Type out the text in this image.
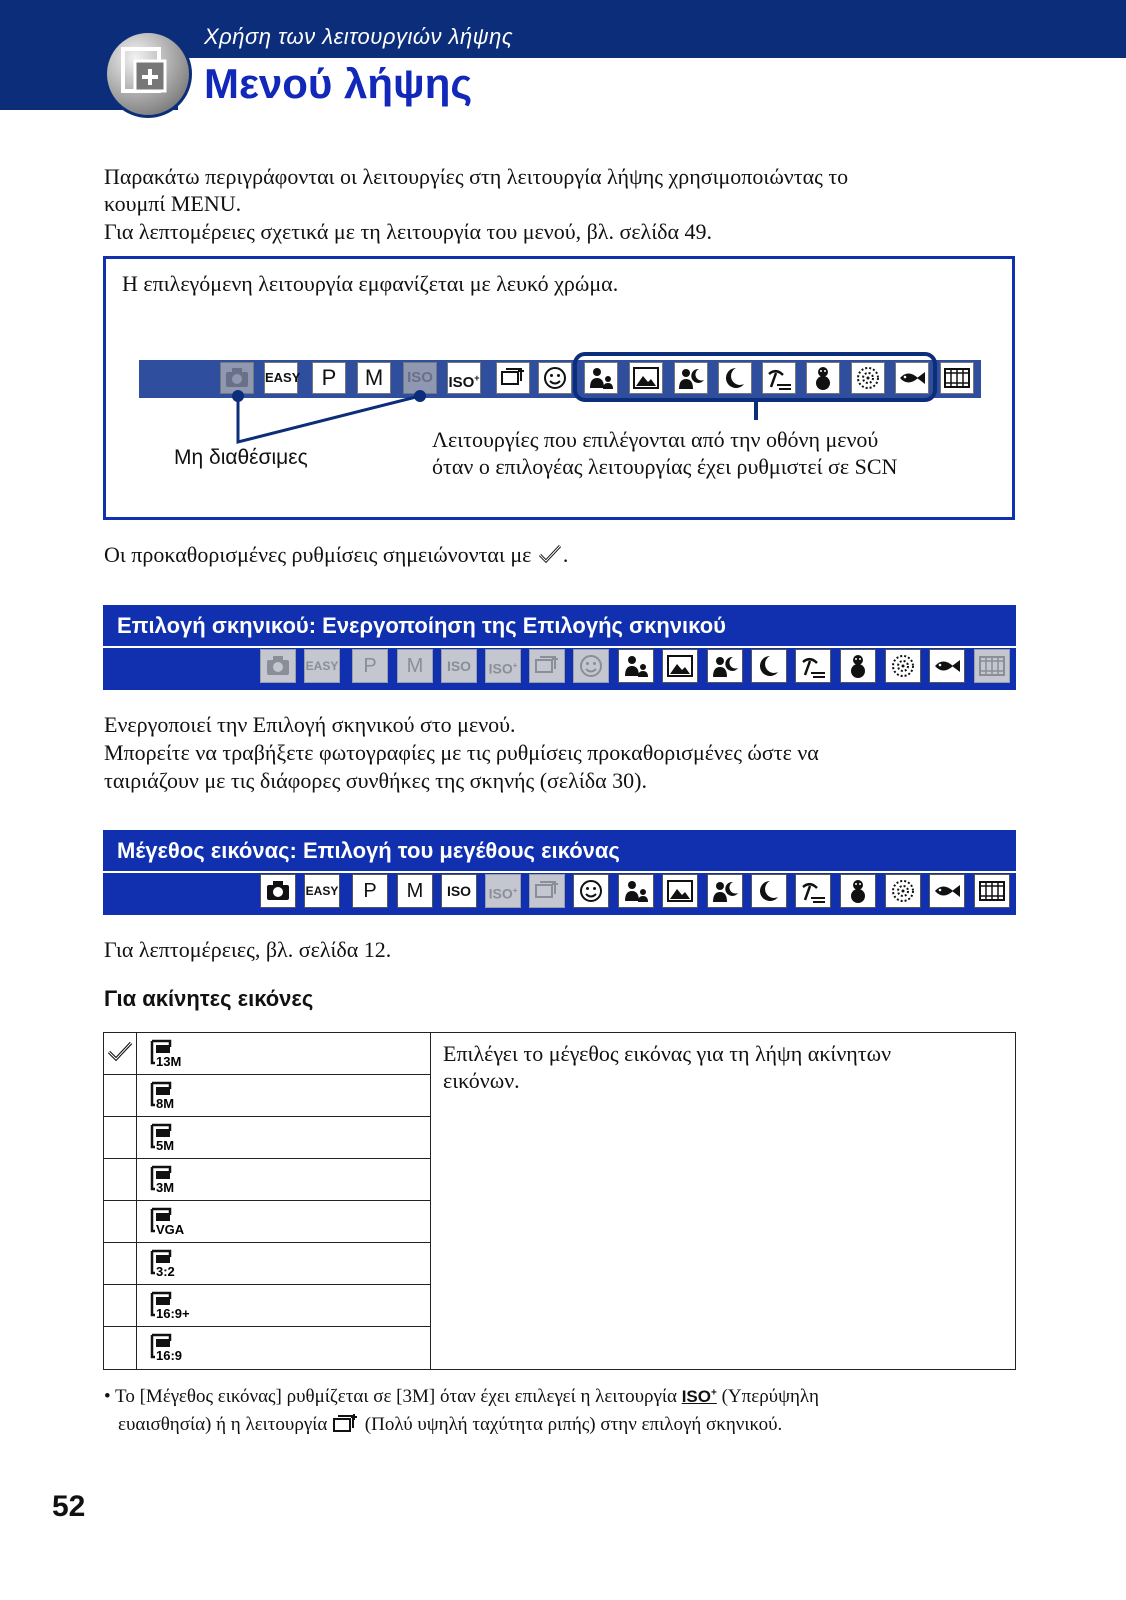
Χρήση των λειτουργιών λήψης
Μενού λήψης
Παρακάτω περιγράφονται οι λειτουργίες στη λειτουργία λήψης χρησιμοποιώντας το
κουμπί MENU.
Για λεπτομέρειες σχετικά με τη λειτουργία του μενού, βλ. σελίδα 49.
Η επιλεγόμενη λειτουργία εμφανίζεται με λευκό χρώμα.
EASY P	M	ISO ISO+
Μη διαθέσιμες
Λειτουργίες που επιλέγονται από την οθόνη μενού
όταν ο επιλογέας λειτουργίας έχει ρυθμιστεί σε SCN
Οι προκαθορισμένες ρυθμίσεις σημειώνονται με .
Επιλογή σκηνικού: Ενεργοποίηση της Επιλογής σκηνικού
EASY	P	M	ISO	ISO+
Ενεργοποιεί την Επιλογή σκηνικού στο μενού.
Μπορείτε να τραβήξετε φωτογραφίες με τις ρυθμίσεις προκαθορισμένες ώστε να
ταιριάζουν με τις διάφορες συνθήκες της σκηνής (σελίδα 30).
Μέγεθος εικόνας: Επιλογή του μεγέθους εικόνας
EASY	P	M	ISO	ISO+
Για λεπτομέρειες, βλ. σελίδα 12.
Για ακίνητες εικόνες
13M
8M
5M
3M
VGA
3:2
16:9+
16:9
Επιλέγει το μέγεθος εικόνας για τη λήψη ακίνητων
εικόνων.
• Το [Μέγεθος εικόνας] ρυθμίζεται σε [3M] όταν έχει επιλεγεί η λειτουργία ISO+ (Υπερύψηλη
ευαισθησία) ή η λειτουργία (Πολύ υψηλή ταχύτητα ριπής) στην επιλογή σκηνικού.
52
